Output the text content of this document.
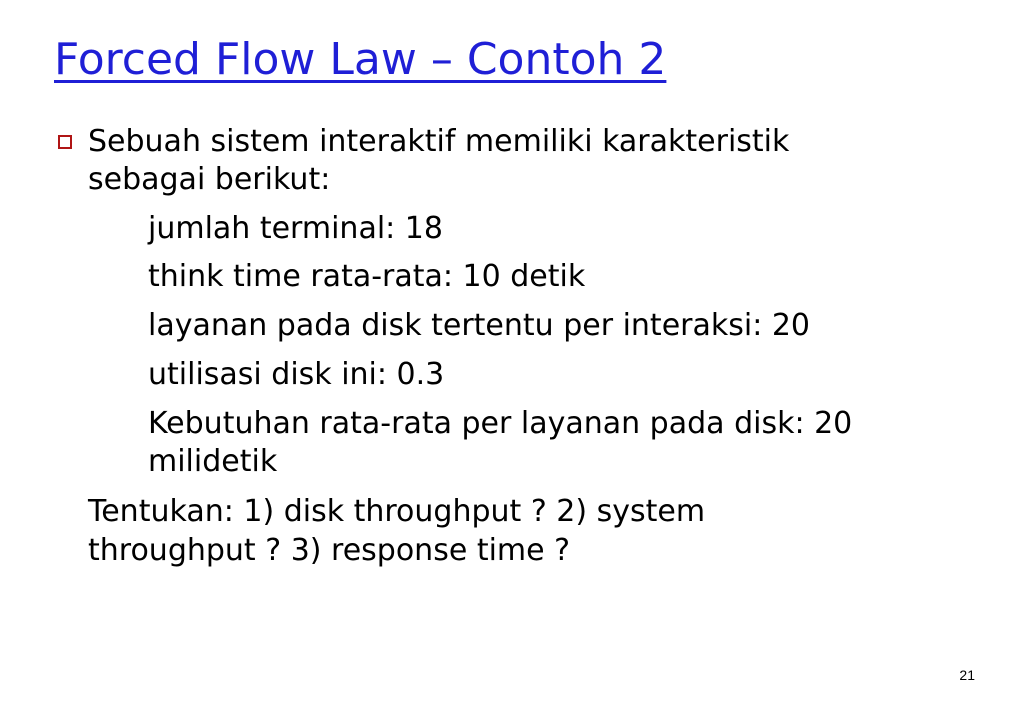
Forced Flow Law – Contoh 2
Sebuah sistem interaktif memiliki karakteristik
sebagai berikut:
jumlah terminal: 18
think time rata-rata: 10 detik
layanan pada disk tertentu per interaksi: 20
utilisasi disk ini: 0.3
Kebutuhan rata-rata per layanan pada disk: 20
milidetik
Tentukan: 1) disk throughput ? 2) system
throughput ? 3) response time ?
21
